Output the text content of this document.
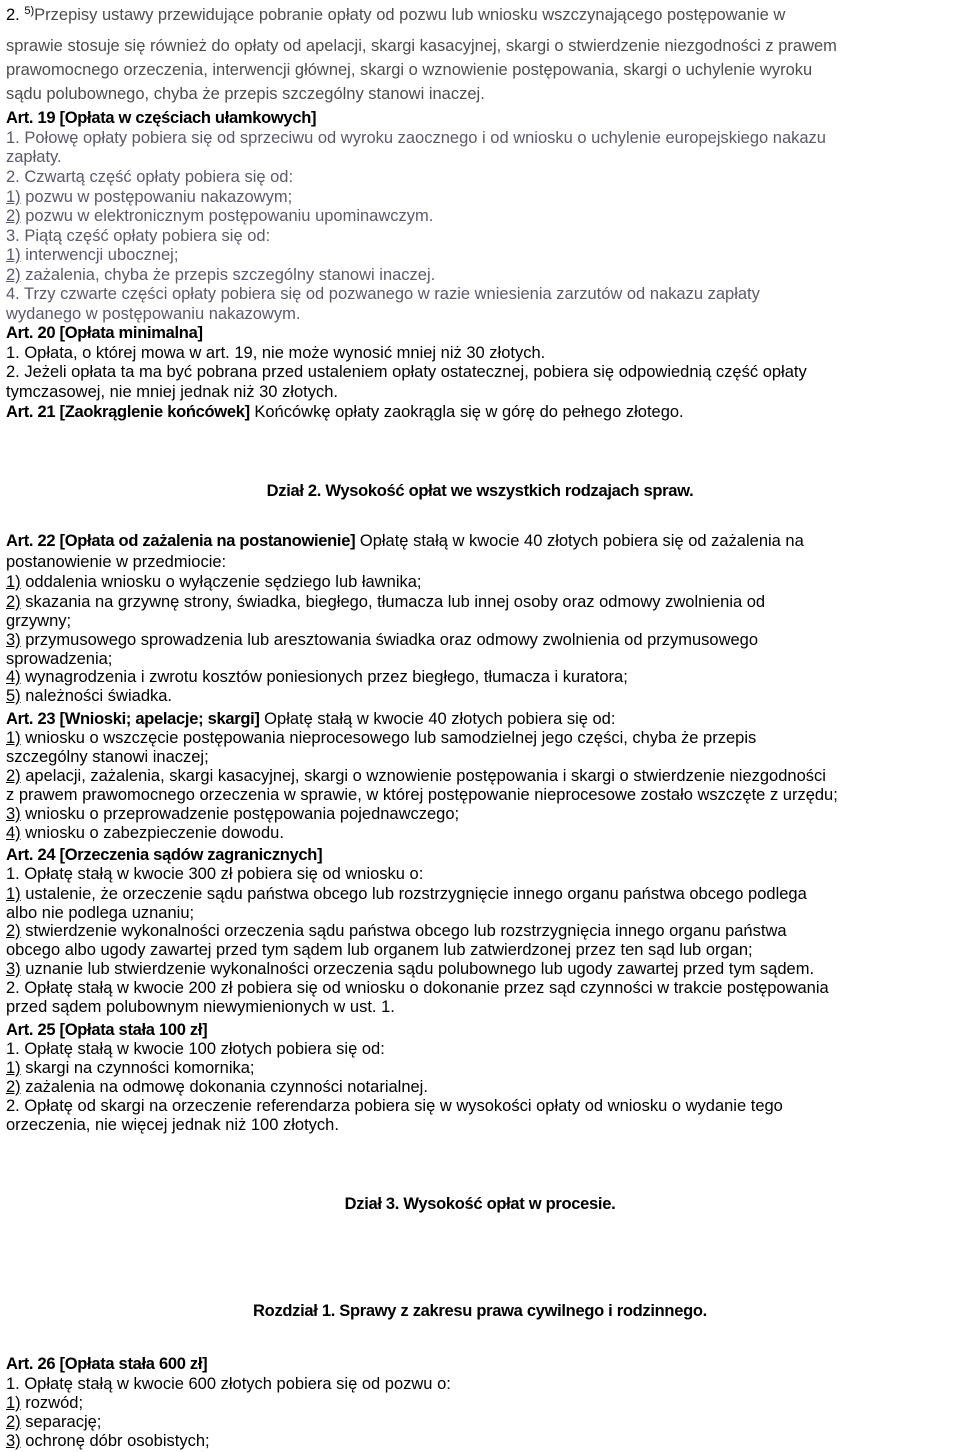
2. $^{5)}$Przepisy ustawy przewidujące pobranie opłaty od pozwu lub wniosku wszczynającego postępowanie w
sprawie stosuje się również do opłaty od apelacji, skargi kasacyjnej, skargi o stwierdzenie niezgodności z prawem
prawomocnego orzeczenia, interwencji głównej, skargi o wznowienie postępowania, skargi o uchylenie wyroku
sądu polubownego, chyba że przepis szczególny stanowi inaczej.
Art. 19 [Opłata w częściach ułamkowych]
1. Połowę opłaty pobiera się od sprzeciwu od wyroku zaocznego i od wniosku o uchylenie europejskiego nakazu
zapłaty.
2. Czwartą część opłaty pobiera się od:
1) pozwu w postępowaniu nakazowym;
2) pozwu w elektronicznym postępowaniu upominawczym.
3. Piątą część opłaty pobiera się od:
1) interwencji ubocznej;
2) zażalenia, chyba że przepis szczególny stanowi inaczej.
4. Trzy czwarte części opłaty pobiera się od pozwanego w razie wniesienia zarzutów od nakazu zapłaty
wydanego w postępowaniu nakazowym.
Art. 20 [Opłata minimalna]
1. Opłata, o której mowa w art. 19, nie może wynosić mniej niż 30 złotych.
2. Jeżeli opłata ta ma być pobrana przed ustaleniem opłaty ostatecznej, pobiera się odpowiednią część opłaty
tymczasowej, nie mniej jednak niż 30 złotych.
Art. 21 [Zaokrąglenie końcówek] Końcówkę opłaty zaokrągla się w górę do pełnego złotego.
Dział 2. Wysokość opłat we wszystkich rodzajach spraw.
Art. 22 [Opłata od zażalenia na postanowienie] Opłatę stałą w kwocie 40 złotych pobiera się od zażalenia na
postanowienie w przedmiocie:
1) oddalenia wniosku o wyłączenie sędziego lub ławnika;
2) skazania na grzywnę strony, świadka, biegłego, tłumacza lub innej osoby oraz odmowy zwolnienia od
grzywny;
3) przymusowego sprowadzenia lub aresztowania świadka oraz odmowy zwolnienia od przymusowego
sprowadzenia;
4) wynagrodzenia i zwrotu kosztów poniesionych przez biegłego, tłumacza i kuratora;
5) należności świadka.
Art. 23 [Wnioski; apelacje; skargi] Opłatę stałą w kwocie 40 złotych pobiera się od:
1) wniosku o wszczęcie postępowania nieprocesowego lub samodzielnej jego części, chyba że przepis
szczególny stanowi inaczej;
2) apelacji, zażalenia, skargi kasacyjnej, skargi o wznowienie postępowania i skargi o stwierdzenie niezgodności
z prawem prawomocnego orzeczenia w sprawie, w której postępowanie nieprocesowe zostało wszczęte z urzędu;
3) wniosku o przeprowadzenie postępowania pojednawczego;
4) wniosku o zabezpieczenie dowodu.
Art. 24 [Orzeczenia sądów zagranicznych]
1. Opłatę stałą w kwocie 300 zł pobiera się od wniosku o:
1) ustalenie, że orzeczenie sądu państwa obcego lub rozstrzygnięcie innego organu państwa obcego podlega
albo nie podlega uznaniu;
2) stwierdzenie wykonalności orzeczenia sądu państwa obcego lub rozstrzygnięcia innego organu państwa
obcego albo ugody zawartej przed tym sądem lub organem lub zatwierdzonej przez ten sąd lub organ;
3) uznanie lub stwierdzenie wykonalności orzeczenia sądu polubownego lub ugody zawartej przed tym sądem.
2. Opłatę stałą w kwocie 200 zł pobiera się od wniosku o dokonanie przez sąd czynności w trakcie postępowania
przed sądem polubownym niewymienionych w ust. 1.
Art. 25 [Opłata stała 100 zł]
1. Opłatę stałą w kwocie 100 złotych pobiera się od:
1) skargi na czynności komornika;
2) zażalenia na odmowę dokonania czynności notarialnej.
2. Opłatę od skargi na orzeczenie referendarza pobiera się w wysokości opłaty od wniosku o wydanie tego
orzeczenia, nie więcej jednak niż 100 złotych.
Dział 3. Wysokość opłat w procesie.
Rozdział 1. Sprawy z zakresu prawa cywilnego i rodzinnego.
Art. 26 [Opłata stała 600 zł]
1. Opłatę stałą w kwocie 600 złotych pobiera się od pozwu o:
1) rozwód;
2) separację;
3) ochronę dóbr osobistych;
